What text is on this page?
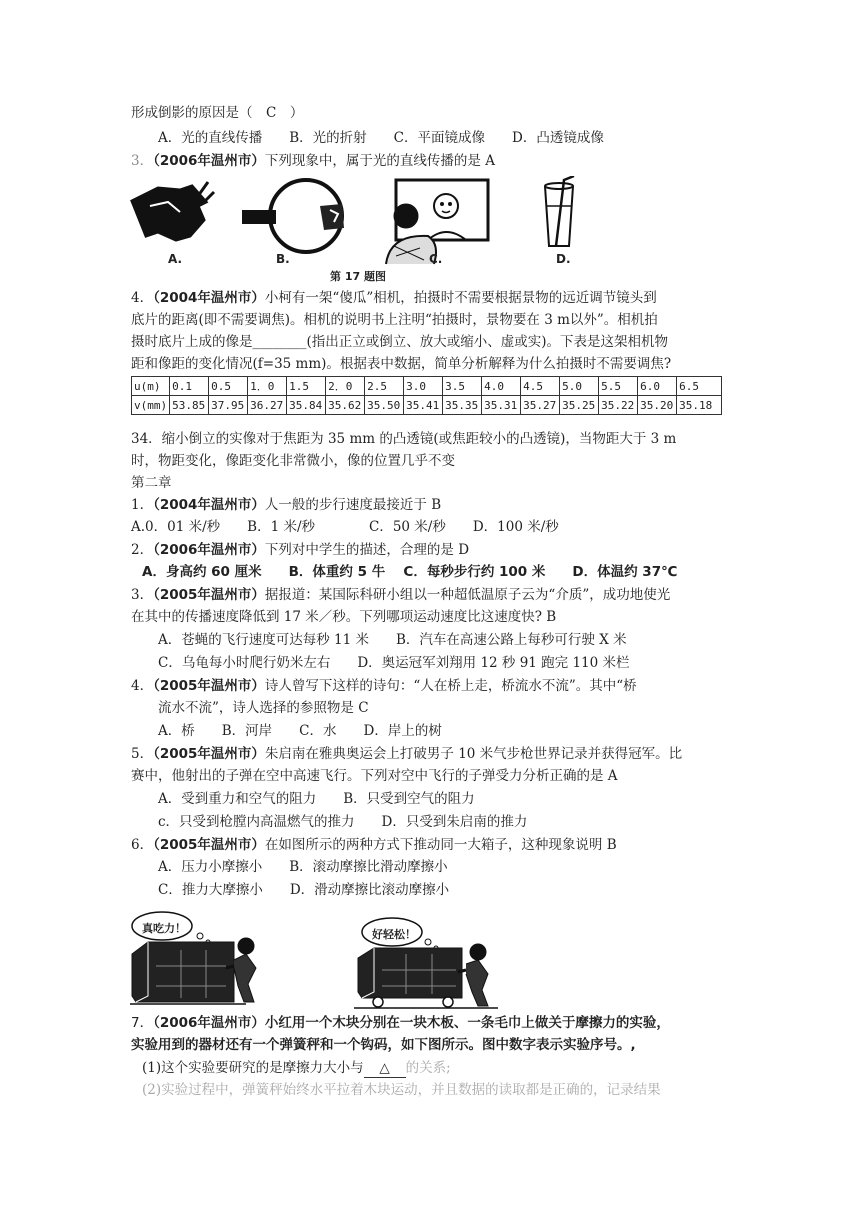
形成倒影的原因是（　C　）
A．光的直线传播　　B．光的折射　　C．平面镜成像　　D．凸透镜成像
3．（2006年温州市）下列现象中，属于光的直线传播的是 A
A.	B.	C.	D.
第 17 题图
4．（2004年温州市）小柯有一架“傻瓜”相机，拍摄时不需要根据景物的远近调节镜头到
底片的距离(即不需要调焦)。相机的说明书上注明“拍摄时，景物要在 3 m以外”。相机拍
摄时底片上成的像是________(指出正立或倒立、放大或缩小、虚或实)。下表是这架相机物
距和像距的变化情况(f=35 mm)。根据表中数据，简单分析解释为什么拍摄时不需要调焦?
u(m)	0.1	0.5	1．0	1.5	2．0	2.5	3.0	3.5	4.0	4.5	5.0	5.5	6.0	6.5
v(mm)	53.85	37.95	36.27	35.84	35.62	35.50	35.41	35.35	35.31	35.27	35.25	35.22	35.20	35.18
34．缩小倒立的实像对于焦距为 35 mm 的凸透镜(或焦距较小的凸透镜)，当物距大于 3 m
时，物距变化，像距变化非常微小，像的位置几乎不变
第二章
1．（2004年温州市）人一般的步行速度最接近于 B
A.0．01 米/秒　　B．1 米/秒　　　　C．50 米/秒　　D．100 米/秒
2．（2006年温州市）下列对中学生的描述，合理的是 D
A．身高约 60 厘米　　B．体重约 5 牛　 C．每秒步行约 100 米　　D．体温约 37℃
3．（2005年温州市）据报道：某国际科研小组以一种超低温原子云为“介质”，成功地使光
在其中的传播速度降低到 17 米／秒。下列哪项运动速度比这速度快? B
A．苍蝇的飞行速度可达每秒 11 米　　B．汽车在高速公路上每秒可行驶 X 米
C．乌龟每小时爬行奶米左右　　D．奥运冠军刘翔用 12 秒 91 跑完 110 米栏
4．（2005年温州市）诗人曾写下这样的诗句：“人在桥上走，桥流水不流”。其中“桥
流水不流”，诗人选择的参照物是 C
A．桥　　B．河岸　　C．水　　D．岸上的树
5．（2005年温州市）朱启南在雅典奥运会上打破男子 10 米气步枪世界记录并获得冠军。比
赛中，他射出的子弹在空中高速飞行。下列对空中飞行的子弹受力分析正确的是 A
A．受到重力和空气的阻力　　B．只受到空气的阻力
c．只受到枪膛内高温燃气的推力　　D．只受到朱启南的推力
6．（2005年温州市）在如图所示的两种方式下推动同一大箱子，这种现象说明 B
A．压力小摩擦小　　B．滚动摩擦比滑动摩擦小
C．推力大摩擦小　　D．滑动摩擦比滚动摩擦小
真吃力！	好轻松！
7．（2006年温州市）小红用一个木块分别在一块木板、一条毛巾上做关于摩擦力的实验，
实验用到的器材还有一个弹簧秤和一个钩码，如下图所示。图中数字表示实验序号。,
(1)这个实验要研究的是摩擦力大小与 △ 的关系;
(2)实验过程中，弹簧秤始终水平拉着木块运动，并且数据的读取都是正确的，记录结果
